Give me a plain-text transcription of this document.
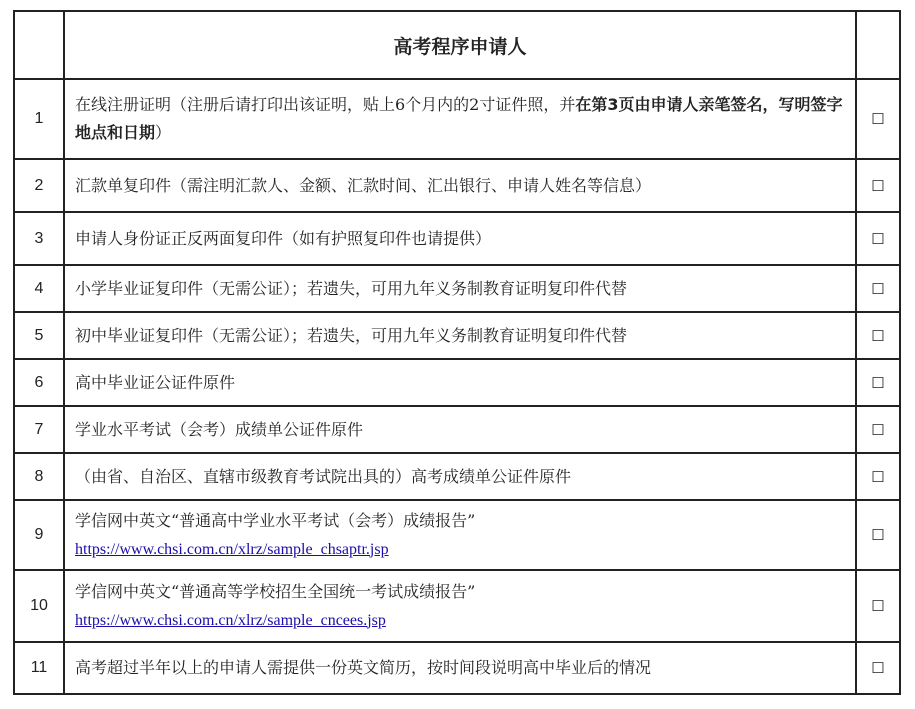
	高考程序申请人	
1	在线注册证明（注册后请打印出该证明，贴上6个月内的2寸证件照，并在第3页由申请人亲笔签名，写明签字地点和日期）	☐
2	汇款单复印件（需注明汇款人、金额、汇款时间、汇出银行、申请人姓名等信息）	☐
3	申请人身份证正反两面复印件（如有护照复印件也请提供）	☐
4	小学毕业证复印件（无需公证）；若遗失，可用九年义务制教育证明复印件代替	☐
5	初中毕业证复印件（无需公证）；若遗失，可用九年义务制教育证明复印件代替	☐
6	高中毕业证公证件原件	☐
7	学业水平考试（会考）成绩单公证件原件	☐
8	（由省、自治区、直辖市级教育考试院出具的）高考成绩单公证件原件	☐
9	学信网中英文“普通高中学业水平考试（会考）成绩报告”
https://www.chsi.com.cn/xlrz/sample_chsaptr.jsp	☐
10	学信网中英文“普通高等学校招生全国统一考试成绩报告”
https://www.chsi.com.cn/xlrz/sample_cncees.jsp	☐
11	高考超过半年以上的申请人需提供一份英文简历，按时间段说明高中毕业后的情况	☐
